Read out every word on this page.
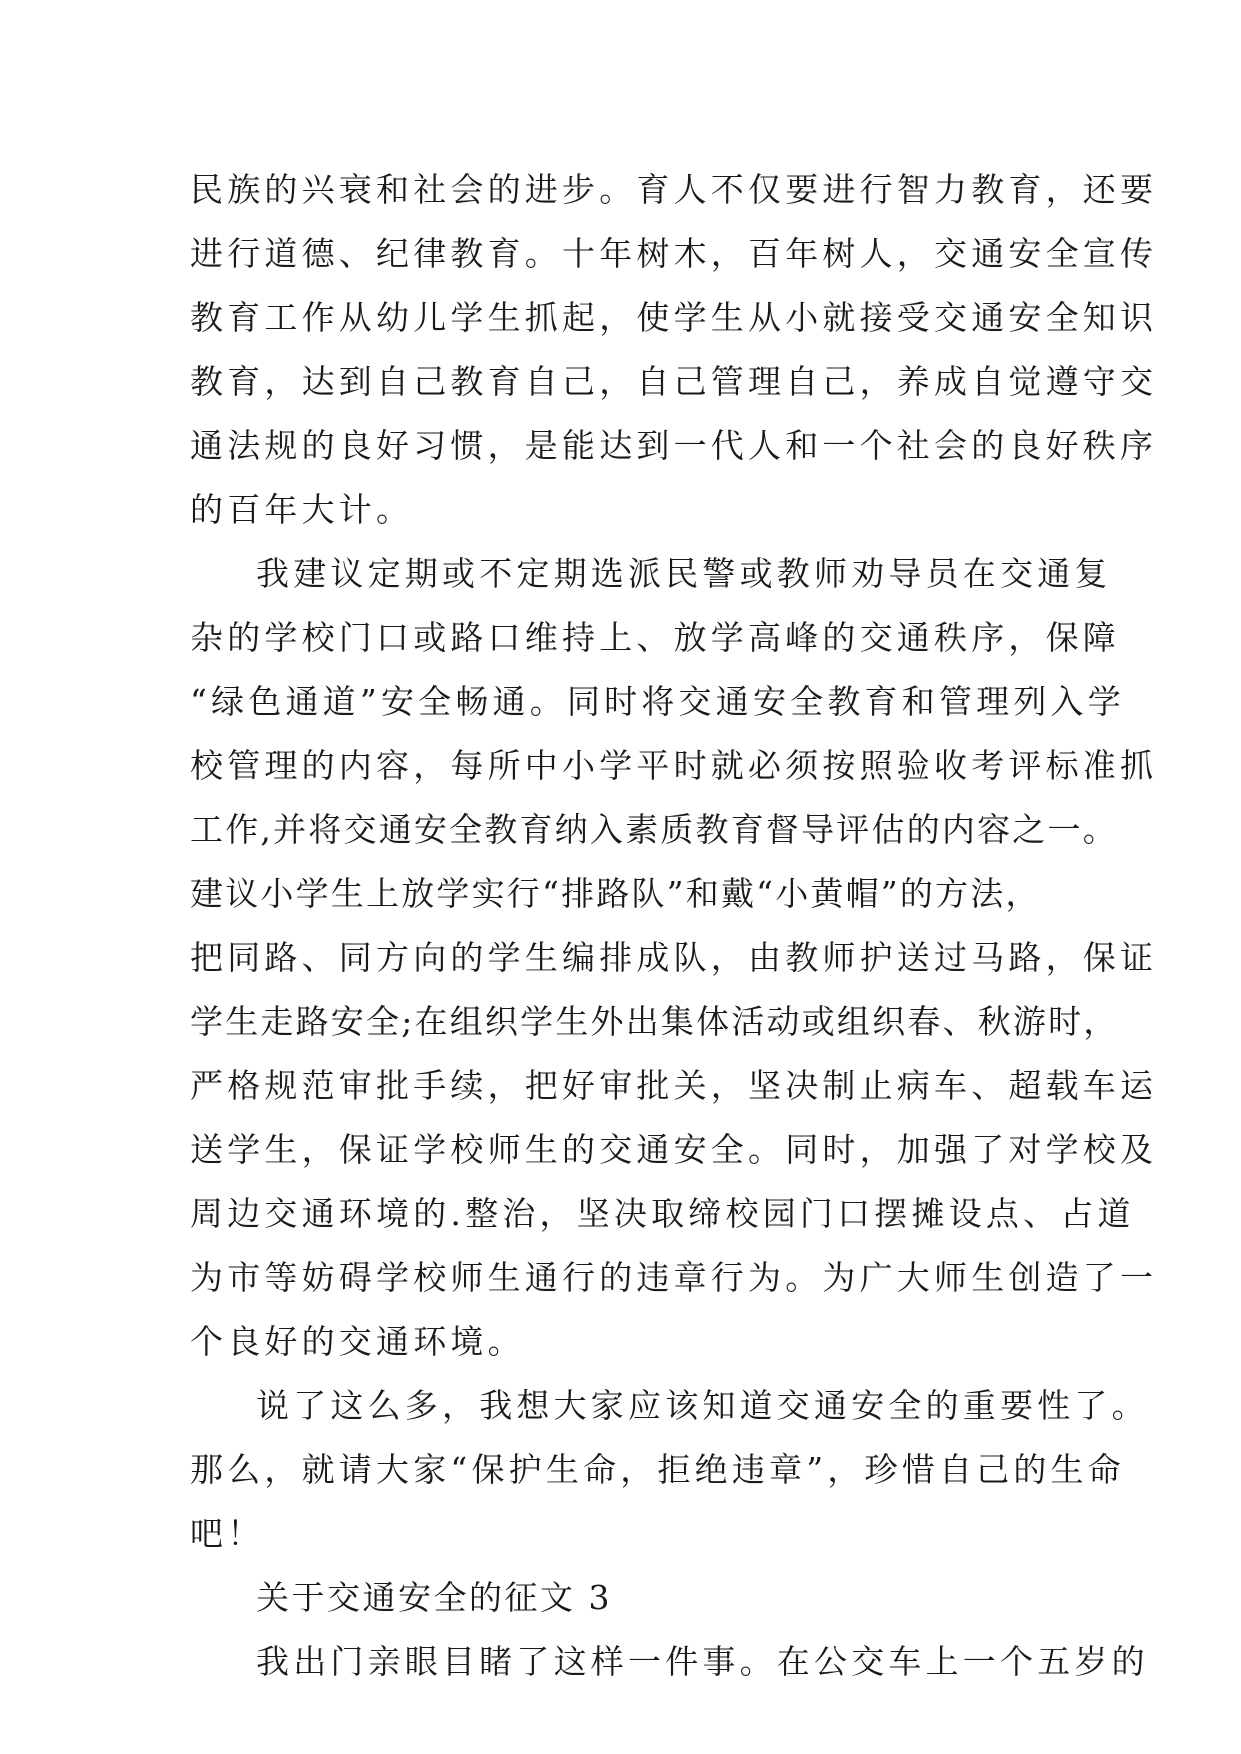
民族的兴衰和社会的进步。育人不仅要进行智力教育，还要
进行道德、纪律教育。十年树木，百年树人，交通安全宣传
教育工作从幼儿学生抓起，使学生从小就接受交通安全知识
教育，达到自己教育自己，自己管理自己，养成自觉遵守交
通法规的良好习惯，是能达到一代人和一个社会的良好秩序
的百年大计。
我建议定期或不定期选派民警或教师劝导员在交通复
杂的学校门口或路口维持上、放学高峰的交通秩序，保障
“绿色通道”安全畅通。同时将交通安全教育和管理列入学
校管理的内容，每所中小学平时就必须按照验收考评标准抓
工作,并将交通安全教育纳入素质教育督导评估的内容之一。
建议小学生上放学实行“排路队”和戴“小黄帽”的方法，
把同路、同方向的学生编排成队，由教师护送过马路，保证
学生走路安全;在组织学生外出集体活动或组织春、秋游时，
严格规范审批手续，把好审批关，坚决制止病车、超载车运
送学生，保证学校师生的交通安全。同时，加强了对学校及
周边交通环境的.整治，坚决取缔校园门口摆摊设点、占道
为市等妨碍学校师生通行的违章行为。为广大师生创造了一
个良好的交通环境。
说了这么多，我想大家应该知道交通安全的重要性了。
那么，就请大家“保护生命，拒绝违章”，珍惜自己的生命
吧！
关于交通安全的征文 3
我出门亲眼目睹了这样一件事。在公交车上一个五岁的
